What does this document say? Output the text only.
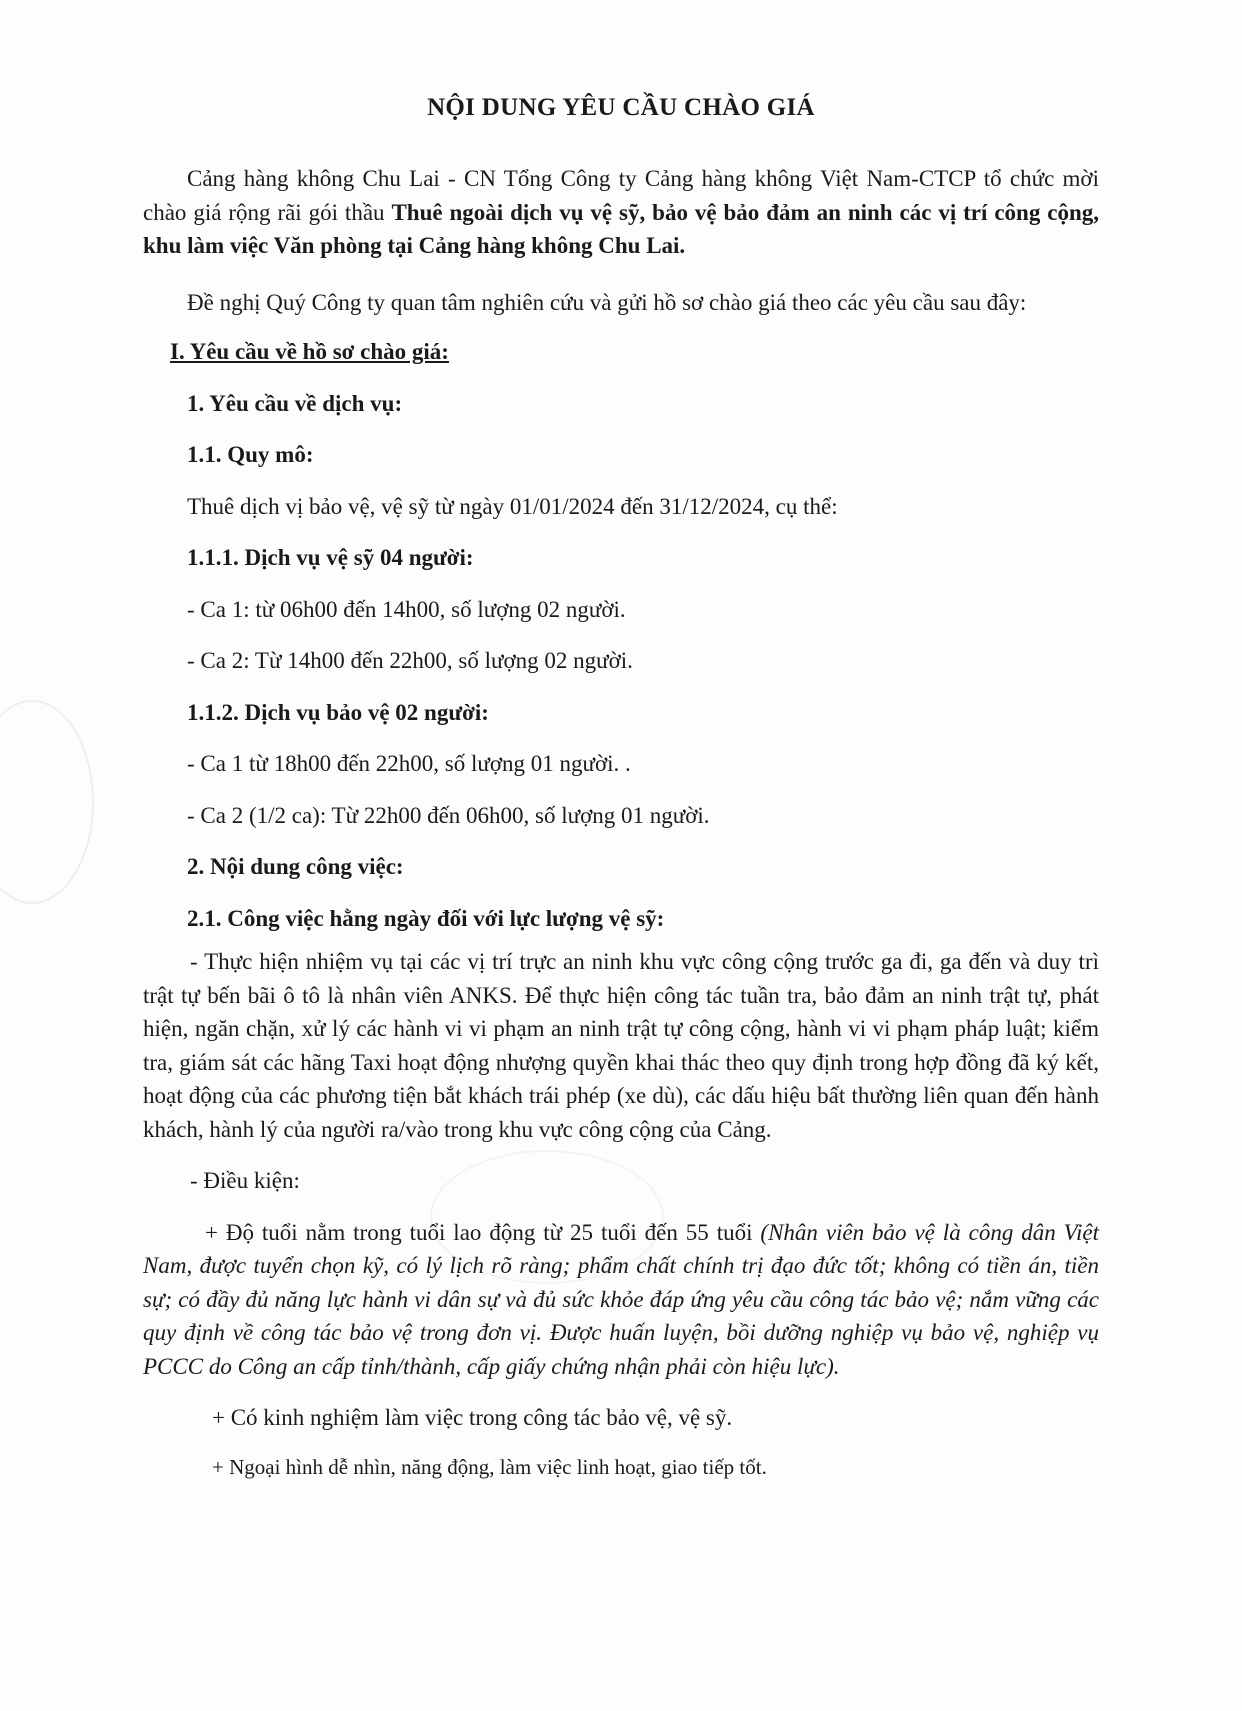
NỘI DUNG YÊU CẦU CHÀO GIÁ

Cảng hàng không Chu Lai - CN Tổng Công ty Cảng hàng không Việt Nam-CTCP tổ chức mời chào giá rộng rãi gói thầu Thuê ngoài dịch vụ vệ sỹ, bảo vệ bảo đảm an ninh các vị trí công cộng, khu làm việc Văn phòng tại Cảng hàng không Chu Lai.

Đề nghị Quý Công ty quan tâm nghiên cứu và gửi hồ sơ chào giá theo các yêu cầu sau đây:

I. Yêu cầu về hồ sơ chào giá:
1. Yêu cầu về dịch vụ:
1.1. Quy mô:
Thuê dịch vị bảo vệ, vệ sỹ từ ngày 01/01/2024 đến 31/12/2024, cụ thể:
1.1.1. Dịch vụ vệ sỹ 04 người:
- Ca 1: từ 06h00 đến 14h00, số lượng 02 người.
- Ca 2: Từ 14h00 đến 22h00, số lượng 02 người.
1.1.2. Dịch vụ bảo vệ 02 người:
- Ca 1 từ 18h00 đến 22h00, số lượng 01 người. .
- Ca 2 (1/2 ca): Từ 22h00 đến 06h00, số lượng 01 người.
2. Nội dung công việc:
2.1. Công việc hằng ngày đối với lực lượng vệ sỹ:

- Thực hiện nhiệm vụ tại các vị trí trực an ninh khu vực công cộng trước ga đi, ga đến và duy trì trật tự bến bãi ô tô là nhân viên ANKS. Để thực hiện công tác tuần tra, bảo đảm an ninh trật tự, phát hiện, ngăn chặn, xử lý các hành vi vi phạm an ninh trật tự công cộng, hành vi vi phạm pháp luật; kiểm tra, giám sát các hãng Taxi hoạt động nhượng quyền khai thác theo quy định trong hợp đồng đã ký kết, hoạt động của các phương tiện bắt khách trái phép (xe dù), các dấu hiệu bất thường liên quan đến hành khách, hành lý của người ra/vào trong khu vực công cộng của Cảng.

- Điều kiện:

+ Độ tuổi nằm trong tuổi lao động từ 25 tuổi đến 55 tuổi (Nhân viên bảo vệ là công dân Việt Nam, được tuyển chọn kỹ, có lý lịch rõ ràng; phẩm chất chính trị đạo đức tốt; không có tiền án, tiền sự; có đầy đủ năng lực hành vi dân sự và đủ sức khỏe đáp ứng yêu cầu công tác bảo vệ; nắm vững các quy định về công tác bảo vệ trong đơn vị. Được huấn luyện, bồi dưỡng nghiệp vụ bảo vệ, nghiệp vụ PCCC do Công an cấp tỉnh/thành, cấp giấy chứng nhận phải còn hiệu lực).

+ Có kinh nghiệm làm việc trong công tác bảo vệ, vệ sỹ.
+ Ngoại hình dễ nhìn, năng động, làm việc linh hoạt, giao tiếp tốt.
